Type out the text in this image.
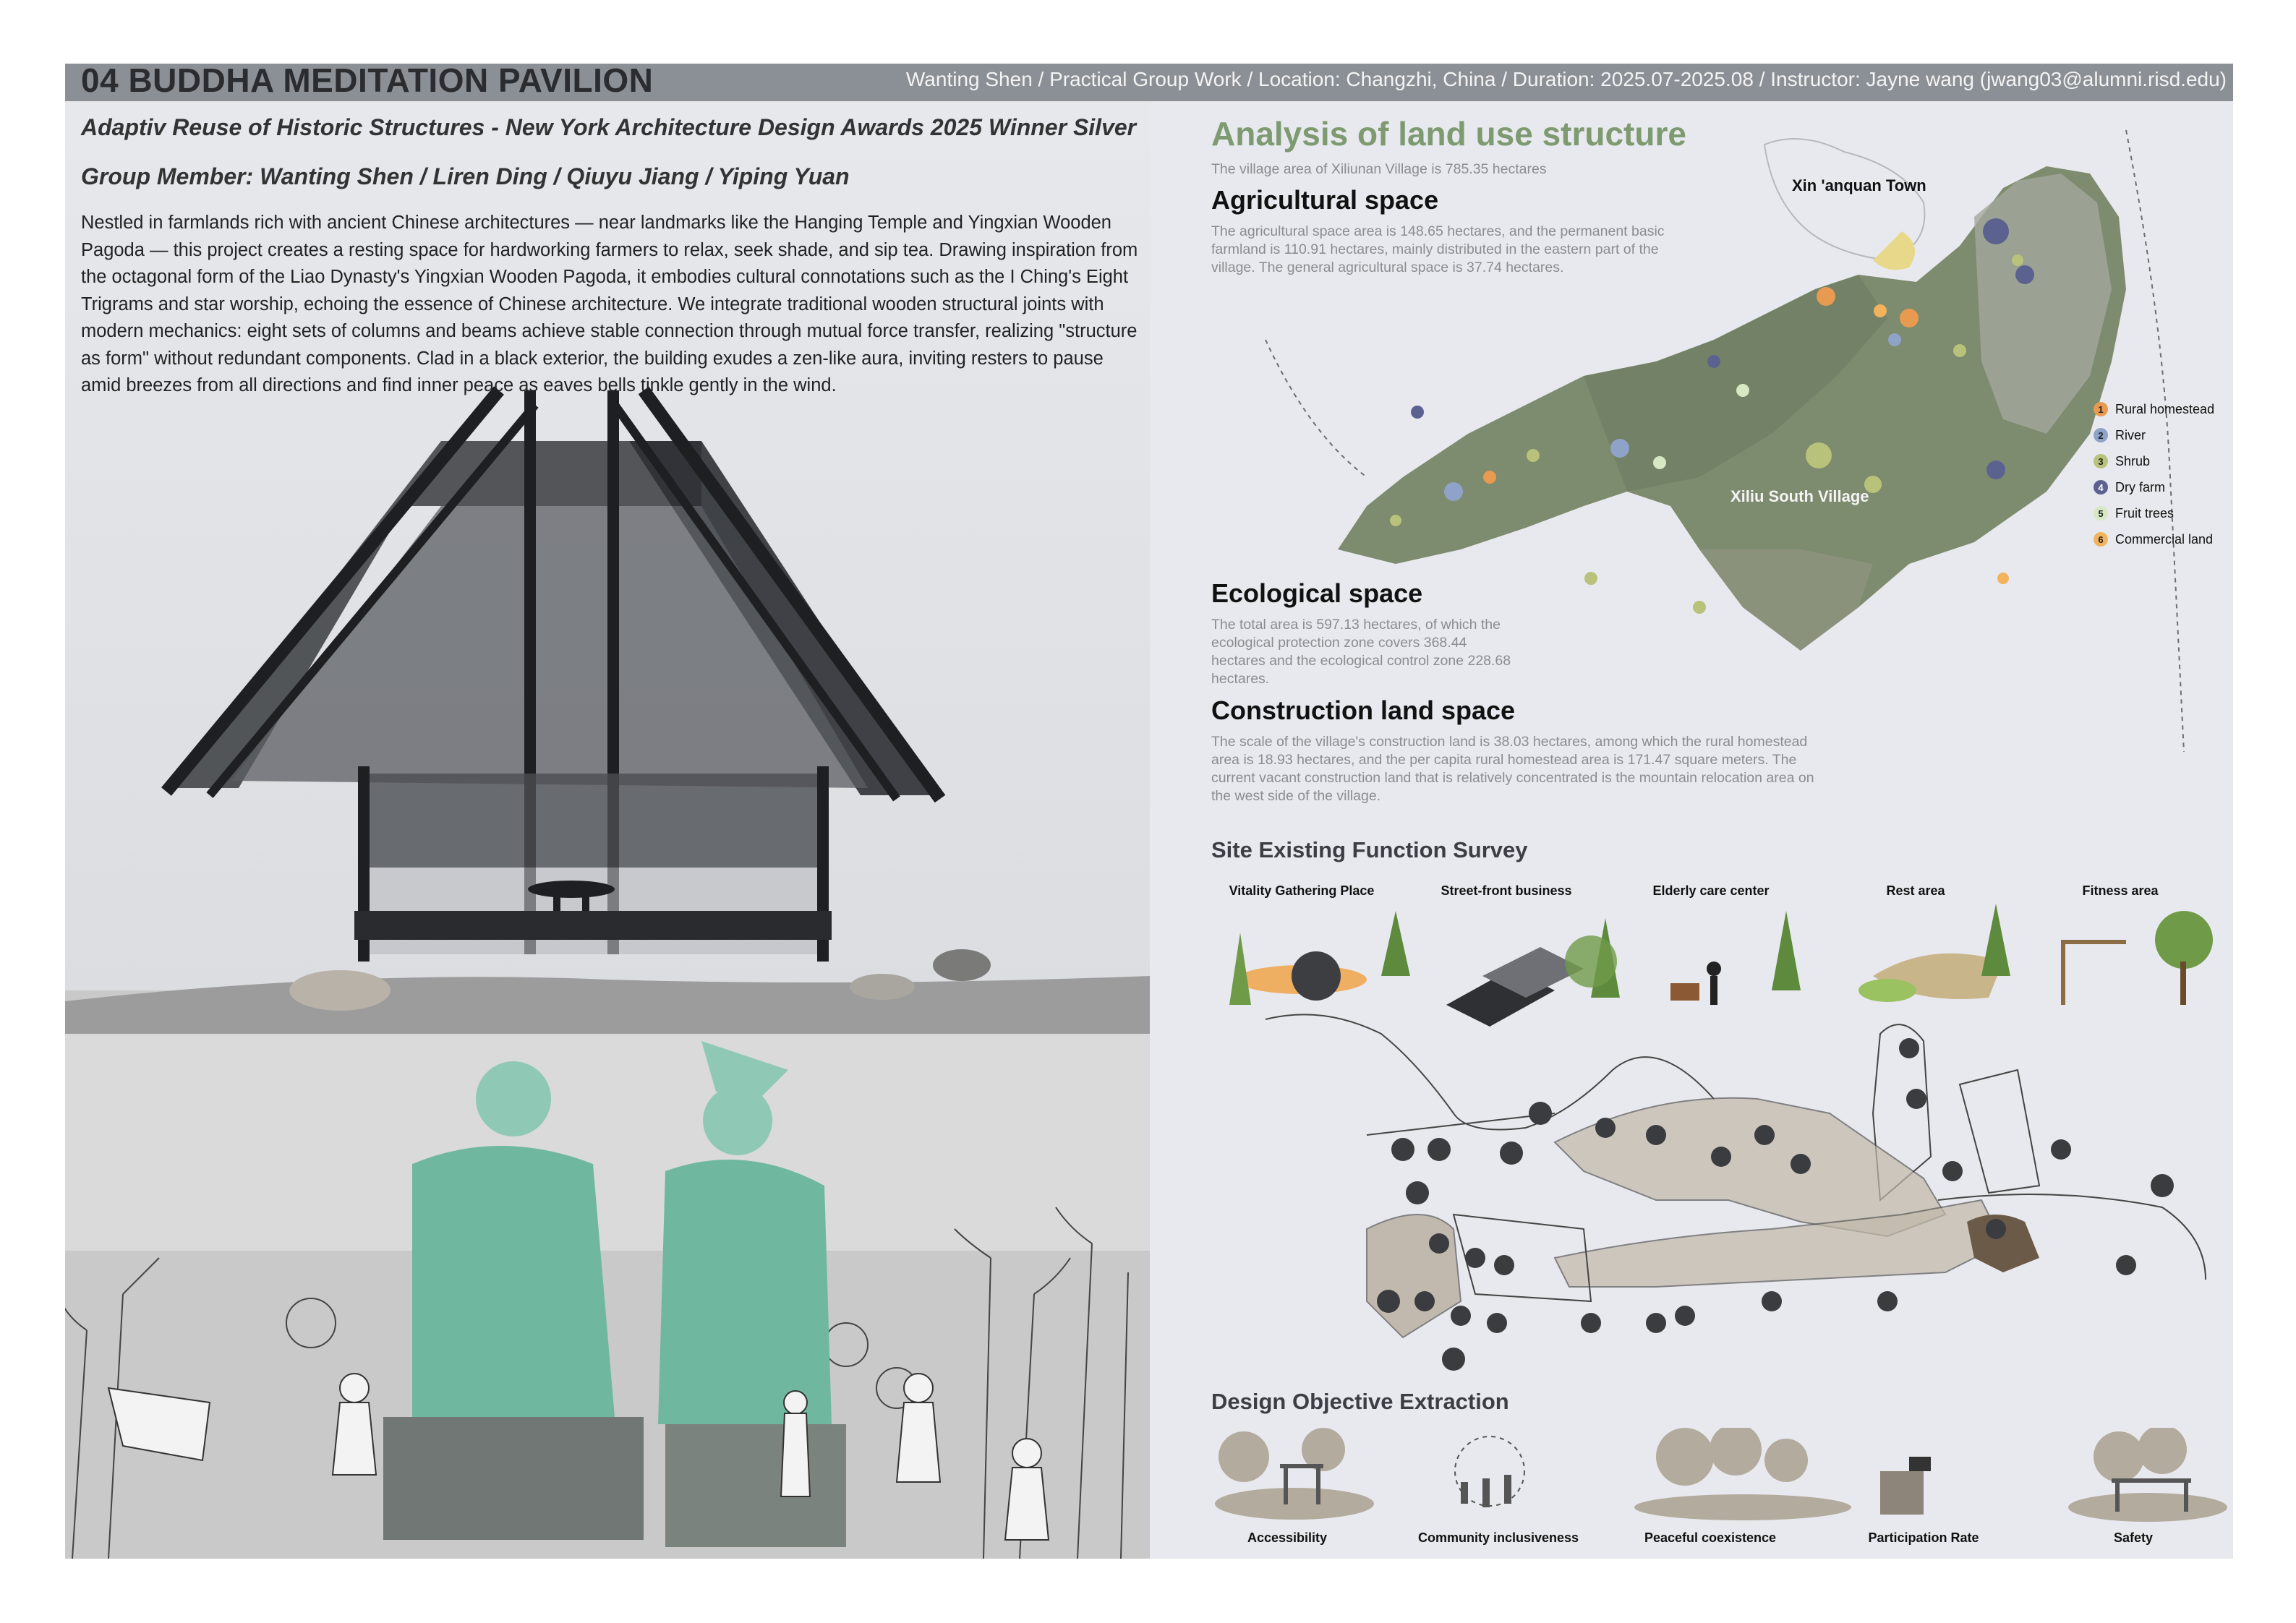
04 BUDDHA MEDITATION PAVILION	Wanting Shen / Practical Group Work / Location: Changzhi, China / Duration: 2025.07-2025.08 / Instructor: Jayne wang (jwang03@alumni.risd.edu)
Adaptiv Reuse of Historic Structures - New York Architecture Design Awards 2025 Winner Silver
Group Member: Wanting Shen / Liren Ding / Qiuyu Jiang / Yiping Yuan
Nestled in farmlands rich with ancient Chinese architectures — near landmarks like the Hanging Temple and Yingxian Wooden Pagoda — this project creates a resting space for hardworking farmers to relax, seek shade, and sip tea. Drawing inspiration from the octagonal form of the Liao Dynasty's Yingxian Wooden Pagoda, it embodies cultural connotations such as the I Ching's Eight Trigrams and star worship, echoing the essence of Chinese architecture. We integrate traditional wooden structural joints with modern mechanics: eight sets of columns and beams achieve stable connection through mutual force transfer, realizing "structure as form" without redundant components. Clad in a black exterior, the building exudes a zen-like aura, inviting resters to pause amid breezes from all directions and find inner peace as eaves bells tinkle gently in the wind.
Analysis of land use structure
The village area of Xiliunan Village is 785.35 hectares
Agricultural space
The agricultural space area is 148.65 hectares, and the permanent basic farmland is 110.91 hectares, mainly distributed in the eastern part of the village. The general agricultural space is 37.74 hectares.
Ecological space
The total area is 597.13 hectares, of which the ecological protection zone covers 368.44 hectares and the ecological control zone 228.68 hectares.
Construction land space
The scale of the village's construction land is 38.03 hectares, among which the rural homestead area is 18.93 hectares, and the per capita rural homestead area is 171.47 square meters. The current vacant construction land that is relatively concentrated is the mountain relocation area on the west side of the village.
Xin 'anquan Town
Xiliu South Village
1 Rural homestead
2 River
3 Shrub
4 Dry farm
5 Fruit trees
6 Commercial land
Site Existing Function Survey
Vitality Gathering Place	Street-front business	Elderly care center	Rest area	Fitness area
Design Objective Extraction
Accessibility	Community inclusiveness	Peaceful coexistence	Participation Rate	Safety
